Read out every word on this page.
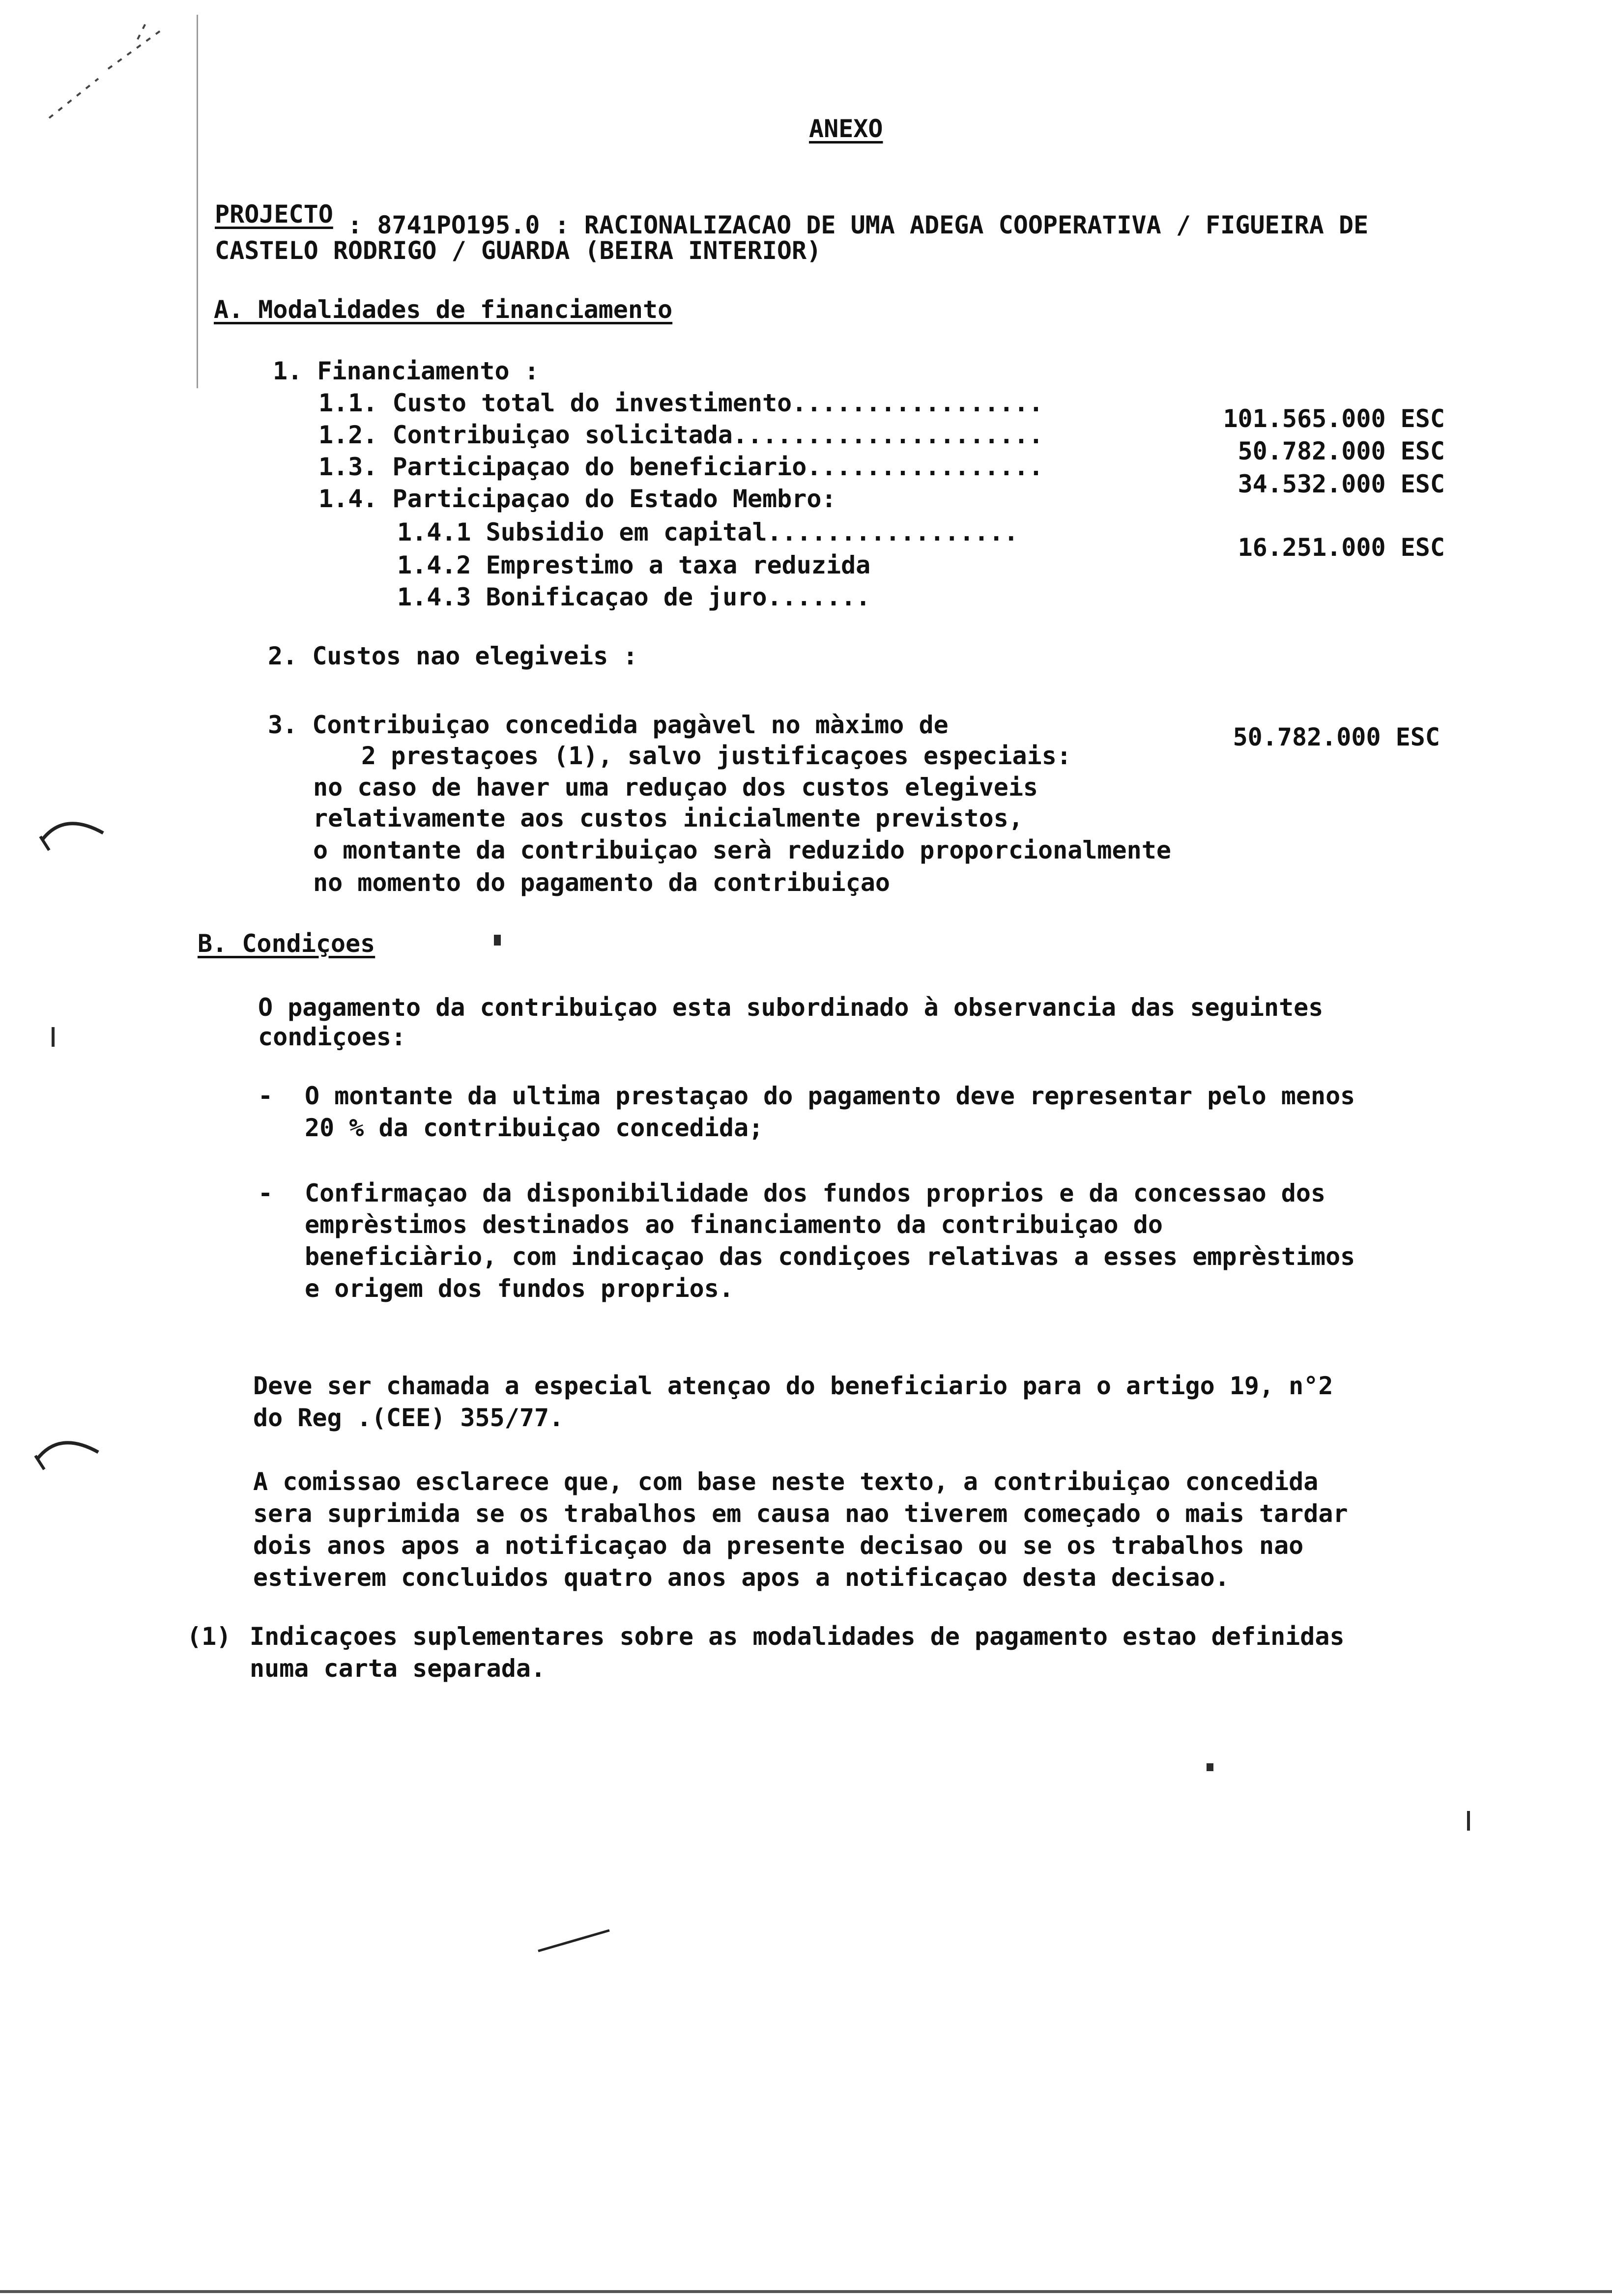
ANEXO
PROJECTO : 8741PO195.0 : RACIONALIZACAO DE UMA ADEGA COOPERATIVA / FIGUEIRA DE
CASTELO RODRIGO / GUARDA (BEIRA INTERIOR)
A. Modalidades de financiamento
1. Financiamento :
1.1. Custo total do investimento.................
101.565.000 ESC
1.2. Contribuiçao solicitada.....................
50.782.000 ESC
1.3. Participaçao do beneficiario................
34.532.000 ESC
1.4. Participaçao do Estado Membro:
1.4.1 Subsidio em capital.................
16.251.000 ESC
1.4.2 Emprestimo a taxa reduzida
1.4.3 Bonificaçao de juro.......
2. Custos nao elegiveis :
3. Contribuiçao concedida pagàvel no màximo de	50.782.000 ESC
2 prestaçoes (1), salvo justificaçoes especiais:
no caso de haver uma reduçao dos custos elegiveis
relativamente aos custos inicialmente previstos,
o montante da contribuiçao serà reduzido proporcionalmente
no momento do pagamento da contribuiçao
B. Condiçoes
O pagamento da contribuiçao esta subordinado à observancia das seguintes
condiçoes:
- O montante da ultima prestaçao do pagamento deve representar pelo menos
20 % da contribuiçao concedida;
- Confirmaçao da disponibilidade dos fundos proprios e da concessao dos
emprèstimos destinados ao financiamento da contribuiçao do
beneficiàrio, com indicaçao das condiçoes relativas a esses emprèstimos
e origem dos fundos proprios.
Deve ser chamada a especial atençao do beneficiario para o artigo 19, n°2
do Reg .(CEE) 355/77.
A comissao esclarece que, com base neste texto, a contribuiçao concedida
sera suprimida se os trabalhos em causa nao tiverem começado o mais tardar
dois anos apos a notificaçao da presente decisao ou se os trabalhos nao
estiverem concluidos quatro anos apos a notificaçao desta decisao.
(1) Indicaçoes suplementares sobre as modalidades de pagamento estao definidas
numa carta separada.
